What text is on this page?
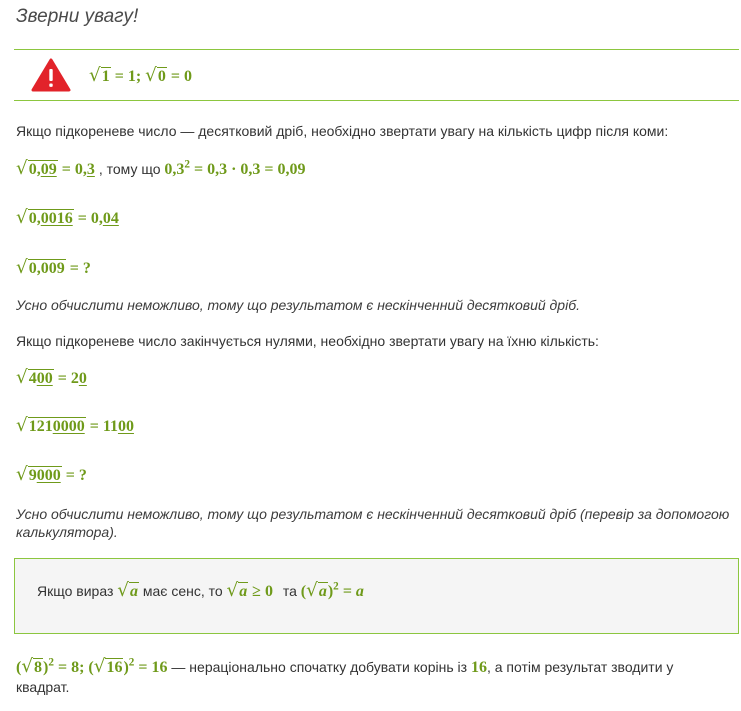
Зверни увагу!
√1 = 1; √0 = 0
Якщо підкореневе число — десятковий дріб, необхідно звертати увагу на кількість цифр після коми:
√0,09 = 0,3 , тому що $0,3^2 = 0,3 \cdot 0,3 = 0,09$
√0,0016 = 0,04
√0,009 = ?
Усно обчислити неможливо, тому що результатом є нескінченний десятковий дріб.
Якщо підкореневе число закінчується нулями, необхідно звертати увагу на їхню кількість:
√400 = 20
√1210000 = 1100
√9000 = ?
Усно обчислити неможливо, тому що результатом є нескінченний десятковий дріб (перевір за допомогою
калькулятора).
Якщо вираз √a має сенс, то √a ≥ 0 та $(√a)^2 = a$
$(√8)^2 = 8$; $(√16)^2 = 16$ — нераціонально спочатку добувати корінь із 16, а потім результат зводити у
квадрат.
